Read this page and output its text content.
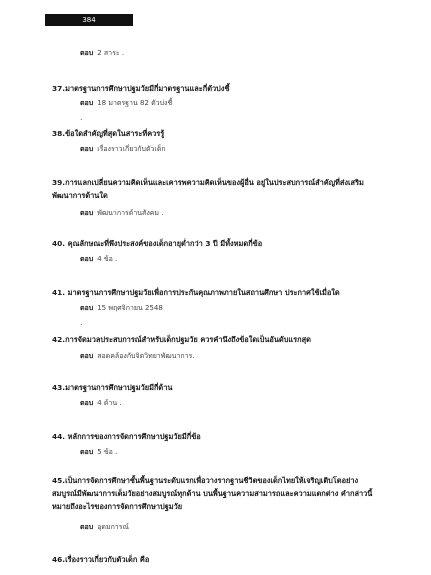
384
ตอบ 2 สาระ .
37.มาตรฐานการศึกษาปฐมวัยมีกี่มาตรฐานและกี่ตัวบ่งชี้
ตอบ 18 มาตรฐาน 82 ตัวบ่งชี้
.
38.ข้อใดสำคัญที่สุดในสาระที่ควรรู้
ตอบ เรื่องราวเกี่ยวกับตัวเด็ก
39.การแลกเปลี่ยนความคิดเห็นและเคารพความคิดเห็นของผู้อื่น อยู่ในประสบการณ์สำคัญที่ส่งเสริมพัฒนาการด้านใด
ตอบ พัฒนาการด้านสังคม .
40. คุณลักษณะที่พึงประสงค์ของเด็กอายุต่ำกว่า 3 ปี มีทั้งหมดกี่ข้อ
ตอบ 4 ข้อ .
41. มาตรฐานการศึกษาปฐมวัยเพื่อการประกันคุณภาพภายในสถานศึกษา ประกาศใช้เมื่อใด
ตอบ 15 พฤศจิกายน 2548
.
42.การจัดมวลประสบการณ์สำหรับเด็กปฐมวัย ควรคำนึงถึงข้อใดเป็นอันดับแรกสุด
ตอบ สอดคล้องกับจิตวิทยาพัฒนาการ.
43.มาตรฐานการศึกษาปฐมวัยมีกี่ด้าน
ตอบ 4 ด้าน .
44. หลักการของการจัดการศึกษาปฐมวัยมีกี่ข้อ
ตอบ 5 ข้อ .
45.เป็นการจัดการศึกษาชั้นพื้นฐานระดับแรกเพื่อวางรากฐานชีวิตของเด็กไทยให้เจริญเติบโตอย่างสมบูรณ์มีพัฒนาการเต็มวัยอย่างสมบูรณ์ทุกด้าน บนพื้นฐานความสามารถและความแตกต่าง คำกล่าวนี้หมายถึงอะไรของการจัดการศึกษาปฐมวัย
ตอบ อุดมการณ์
46.เรื่องราวเกี่ยวกับตัวเด็ก คือ
